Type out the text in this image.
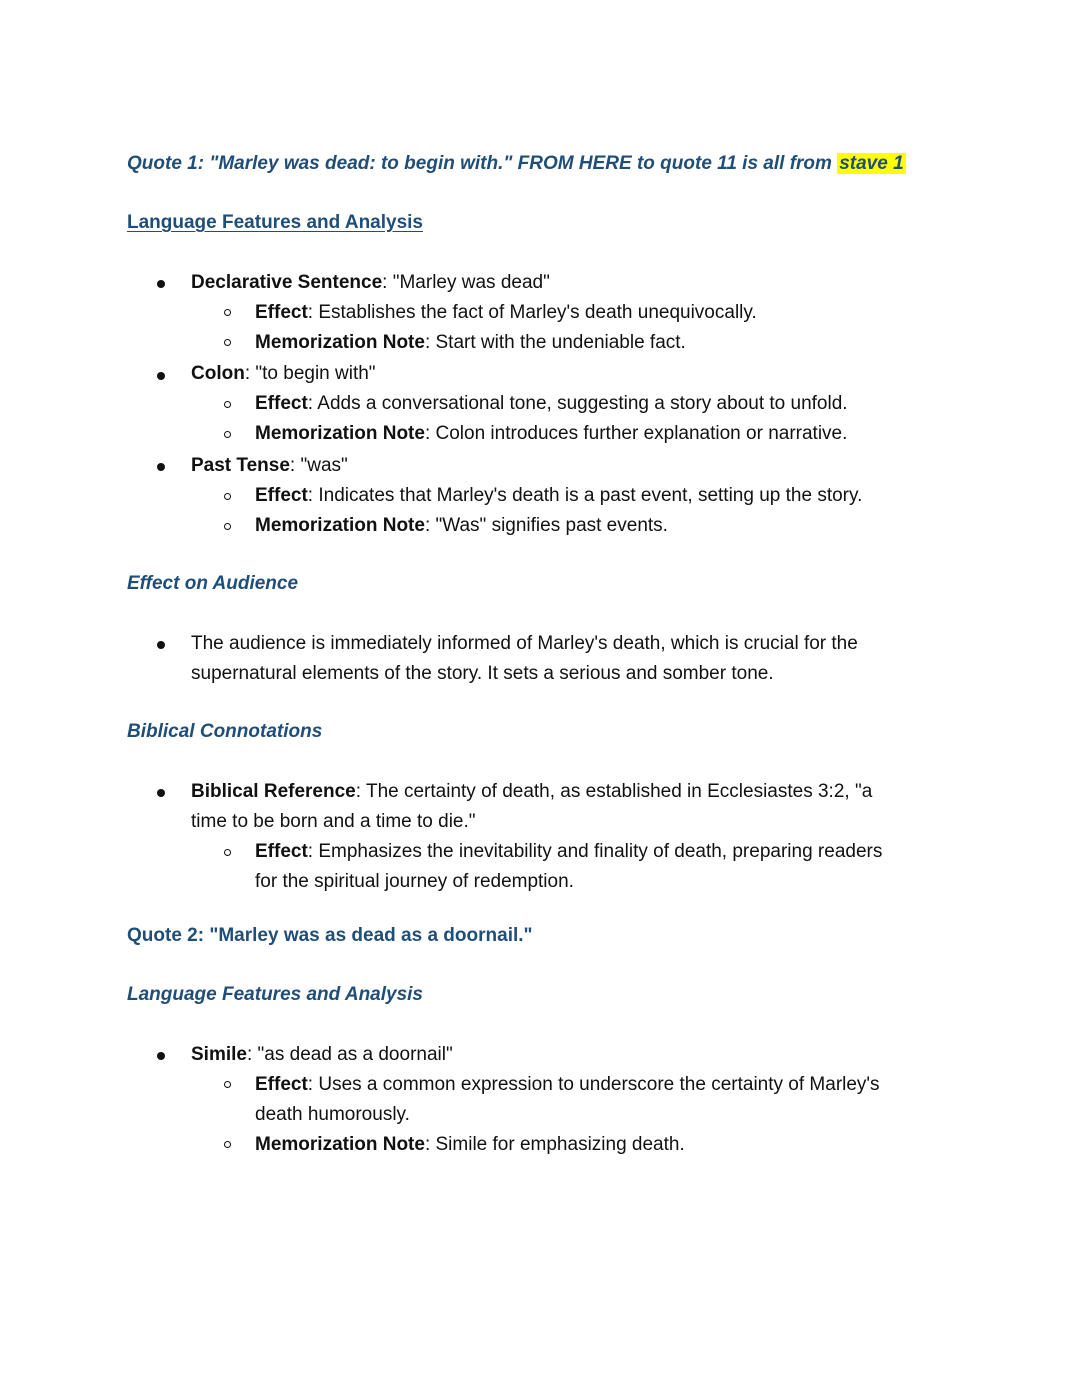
Quote 1: "Marley was dead: to begin with." FROM HERE to quote 11 is all from stave 1
Language Features and Analysis
Declarative Sentence: "Marley was dead"
Effect: Establishes the fact of Marley's death unequivocally.
Memorization Note: Start with the undeniable fact.
Colon: "to begin with"
Effect: Adds a conversational tone, suggesting a story about to unfold.
Memorization Note: Colon introduces further explanation or narrative.
Past Tense: "was"
Effect: Indicates that Marley's death is a past event, setting up the story.
Memorization Note: "Was" signifies past events.
Effect on Audience
The audience is immediately informed of Marley's death, which is crucial for the
supernatural elements of the story. It sets a serious and somber tone.
Biblical Connotations
Biblical Reference: The certainty of death, as established in Ecclesiastes 3:2, "a
time to be born and a time to die."
Effect: Emphasizes the inevitability and finality of death, preparing readers
for the spiritual journey of redemption.
Quote 2: "Marley was as dead as a doornail."
Language Features and Analysis
Simile: "as dead as a doornail"
Effect: Uses a common expression to underscore the certainty of Marley's
death humorously.
Memorization Note: Simile for emphasizing death.
